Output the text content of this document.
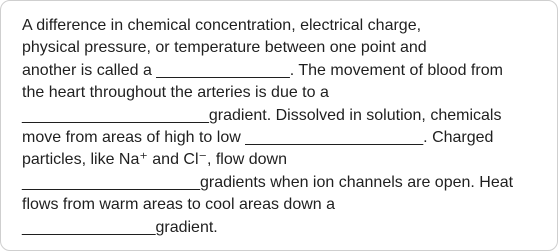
A difference in chemical concentration, electrical charge,
physical pressure, or temperature between one point and
another is called a _______________. The movement of blood from
the heart throughout the arteries is due to a
_____________________gradient. Dissolved in solution, chemicals
move from areas of high to low ____________________. Charged
particles, like Na⁺ and Cl⁻, flow down
____________________gradients when ion channels are open. Heat
flows from warm areas to cool areas down a
_______________gradient.
